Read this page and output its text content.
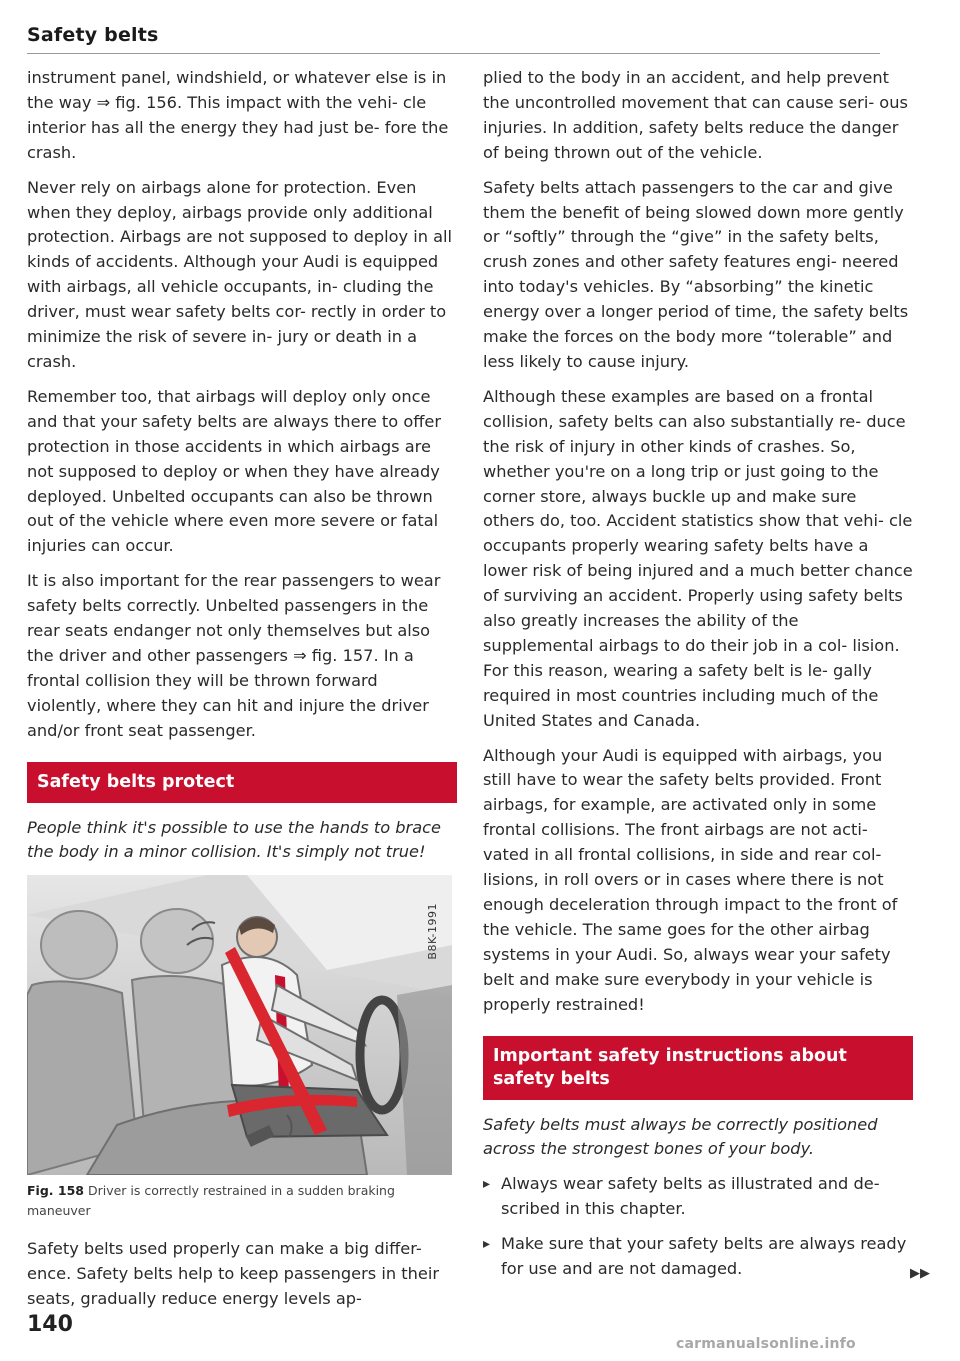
Safety belts

instrument panel, windshield, or whatever else is in the way ⇒ fig. 156. This impact with the vehi- cle interior has all the energy they had just be- fore the crash.

Never rely on airbags alone for protection. Even when they deploy, airbags provide only additional protection. Airbags are not supposed to deploy in all kinds of accidents. Although your Audi is equipped with airbags, all vehicle occupants, in- cluding the driver, must wear safety belts cor- rectly in order to minimize the risk of severe in- jury or death in a crash.

Remember too, that airbags will deploy only once and that your safety belts are always there to offer protection in those accidents in which airbags are not supposed to deploy or when they have already deployed. Unbelted occupants can also be thrown out of the vehicle where even more severe or fatal injuries can occur.

It is also important for the rear passengers to wear safety belts correctly. Unbelted passengers in the rear seats endanger not only themselves but also the driver and other passengers ⇒ fig. 157. In a frontal collision they will be thrown forward violently, where they can hit and injure the driver and/or front seat passenger.

Safety belts protect

People think it's possible to use the hands to brace the body in a minor collision. It's simply not true!

B8K-1991
Fig. 158 Driver is correctly restrained in a sudden braking maneuver

Safety belts used properly can make a big differ- ence. Safety belts help to keep passengers in their seats, gradually reduce energy levels ap-

plied to the body in an accident, and help prevent the uncontrolled movement that can cause seri- ous injuries. In addition, safety belts reduce the danger of being thrown out of the vehicle.

Safety belts attach passengers to the car and give them the benefit of being slowed down more gently or “softly” through the “give” in the safety belts, crush zones and other safety features engi- neered into today's vehicles. By “absorbing” the kinetic energy over a longer period of time, the safety belts make the forces on the body more “tolerable” and less likely to cause injury.

Although these examples are based on a frontal collision, safety belts can also substantially re- duce the risk of injury in other kinds of crashes. So, whether you're on a long trip or just going to the corner store, always buckle up and make sure others do, too. Accident statistics show that vehi- cle occupants properly wearing safety belts have a lower risk of being injured and a much better chance of surviving an accident. Properly using safety belts also greatly increases the ability of the supplemental airbags to do their job in a col- lision. For this reason, wearing a safety belt is le- gally required in most countries including much of the United States and Canada.

Although your Audi is equipped with airbags, you still have to wear the safety belts provided. Front airbags, for example, are activated only in some frontal collisions. The front airbags are not acti- vated in all frontal collisions, in side and rear col- lisions, in roll overs or in cases where there is not enough deceleration through impact to the front of the vehicle. The same goes for the other airbag systems in your Audi. So, always wear your safety belt and make sure everybody in your vehicle is properly restrained!

Important safety instructions about safety belts

Safety belts must always be correctly positioned across the strongest bones of your body.

▸ Always wear safety belts as illustrated and de- scribed in this chapter.

▸ Make sure that your safety belts are always ready for use and are not damaged.	▶▶
140
carmanualsonline.info
